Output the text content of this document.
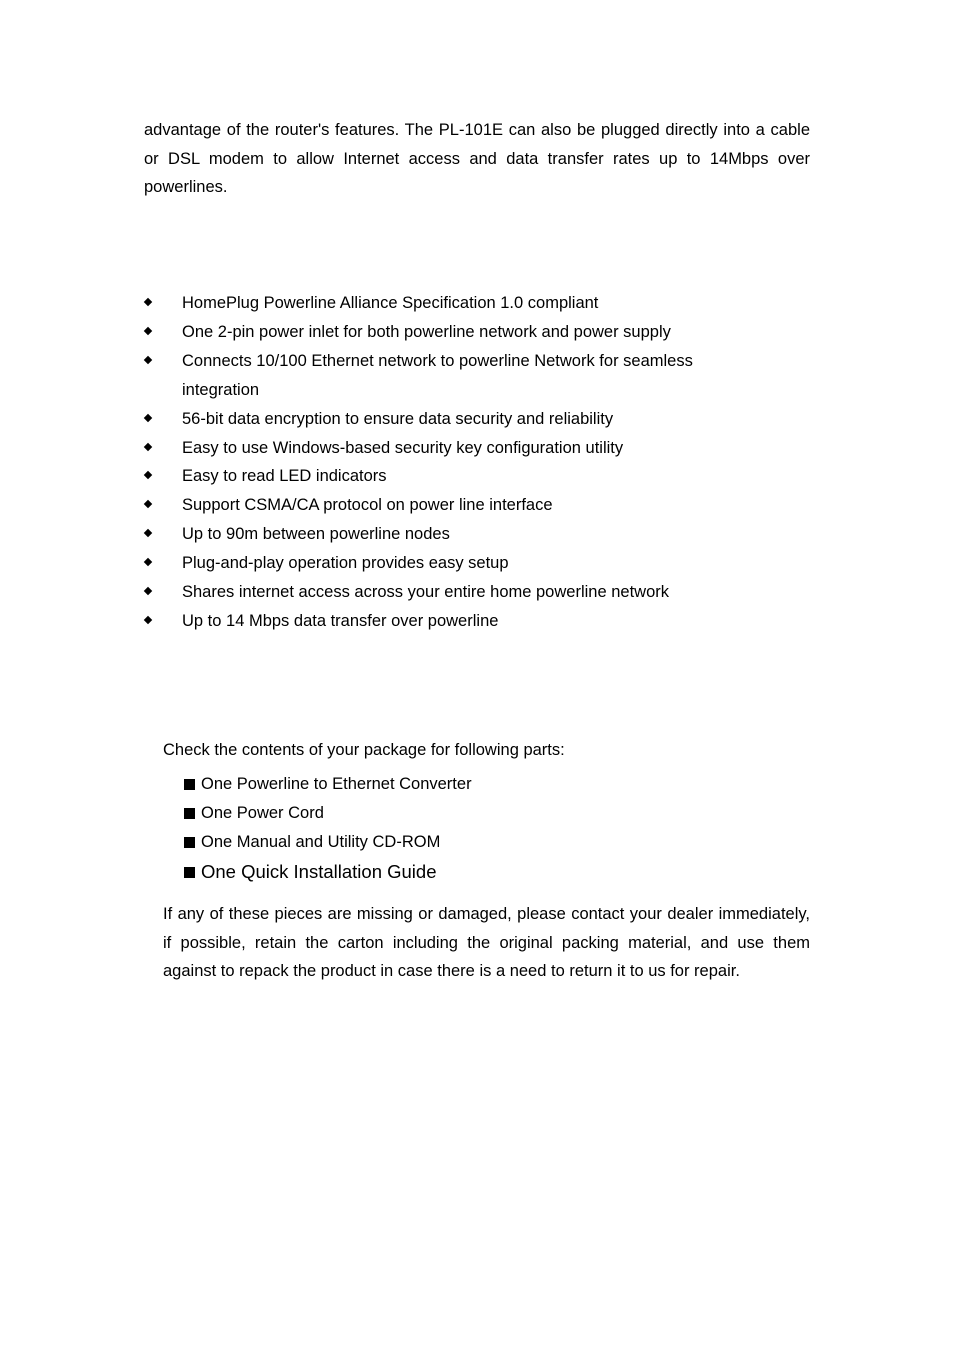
advantage of the router's features. The PL-101E can also be plugged directly into a cable or DSL modem to allow Internet access and data transfer rates up to 14Mbps over powerlines.

HomePlug Powerline Alliance Specification 1.0 compliant
One 2-pin power inlet for both powerline network and power supply
Connects 10/100 Ethernet network to powerline Network for seamless integration
56-bit data encryption to ensure data security and reliability
Easy to use Windows-based security key configuration utility
Easy to read LED indicators
Support CSMA/CA protocol on power line interface
Up to 90m between powerline nodes
Plug-and-play operation provides easy setup
Shares internet access across your entire home powerline network
Up to 14 Mbps data transfer over powerline

Check the contents of your package for following parts:

One Powerline to Ethernet Converter
One Power Cord
One Manual and Utility CD-ROM
One Quick Installation Guide

If any of these pieces are missing or damaged, please contact your dealer immediately, if possible, retain the carton including the original packing material, and use them against to repack the product in case there is a need to return it to us for repair.
